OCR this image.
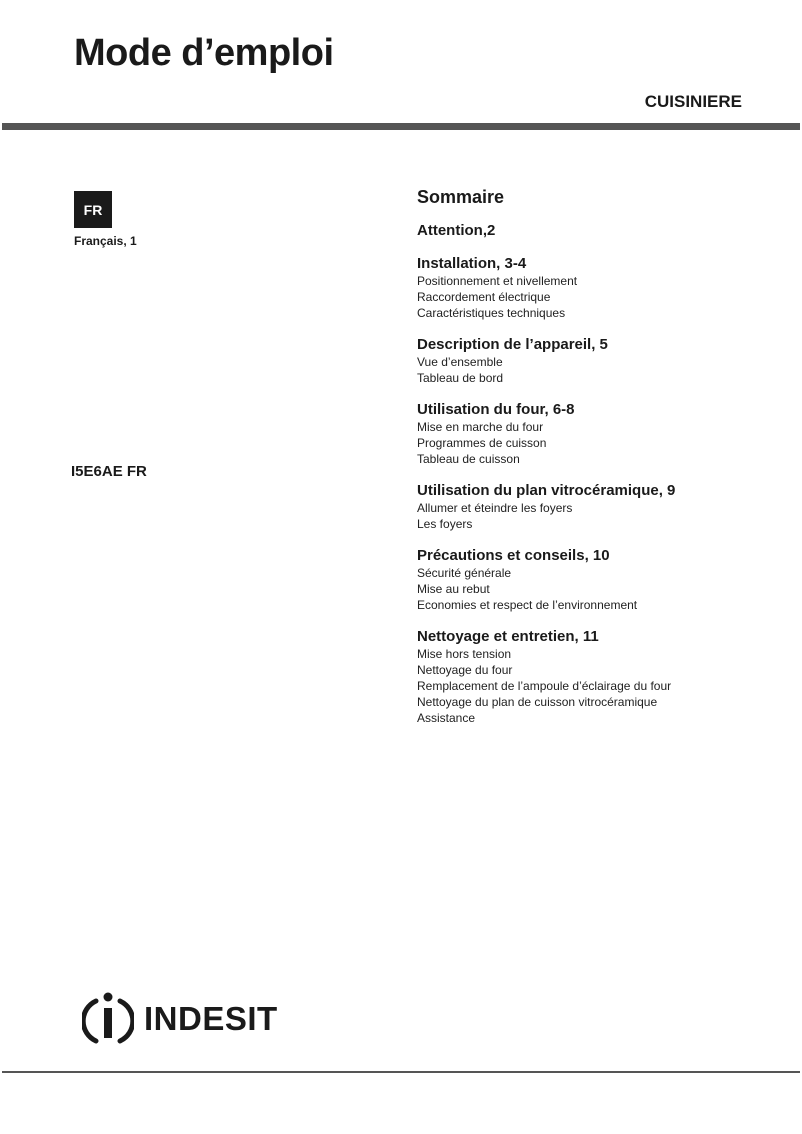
Mode d’emploi
CUISINIERE
FR
Français, 1
I5E6AE FR
Sommaire
Attention,2
Installation, 3-4
Positionnement et nivellement
Raccordement électrique
Caractéristiques techniques
Description de l’appareil, 5
Vue d’ensemble
Tableau de bord
Utilisation du four, 6-8
Mise en marche du four
Programmes de cuisson
Tableau de cuisson
Utilisation du plan vitrocéramique, 9
Allumer et éteindre les foyers
Les foyers
Précautions et conseils, 10
Sécurité générale
Mise au rebut
Economies et respect de l’environnement
Nettoyage et entretien, 11
Mise hors tension
Nettoyage du four
Remplacement de l’ampoule d’éclairage du four
Nettoyage du plan de cuisson vitrocéramique
Assistance
INDESIT
